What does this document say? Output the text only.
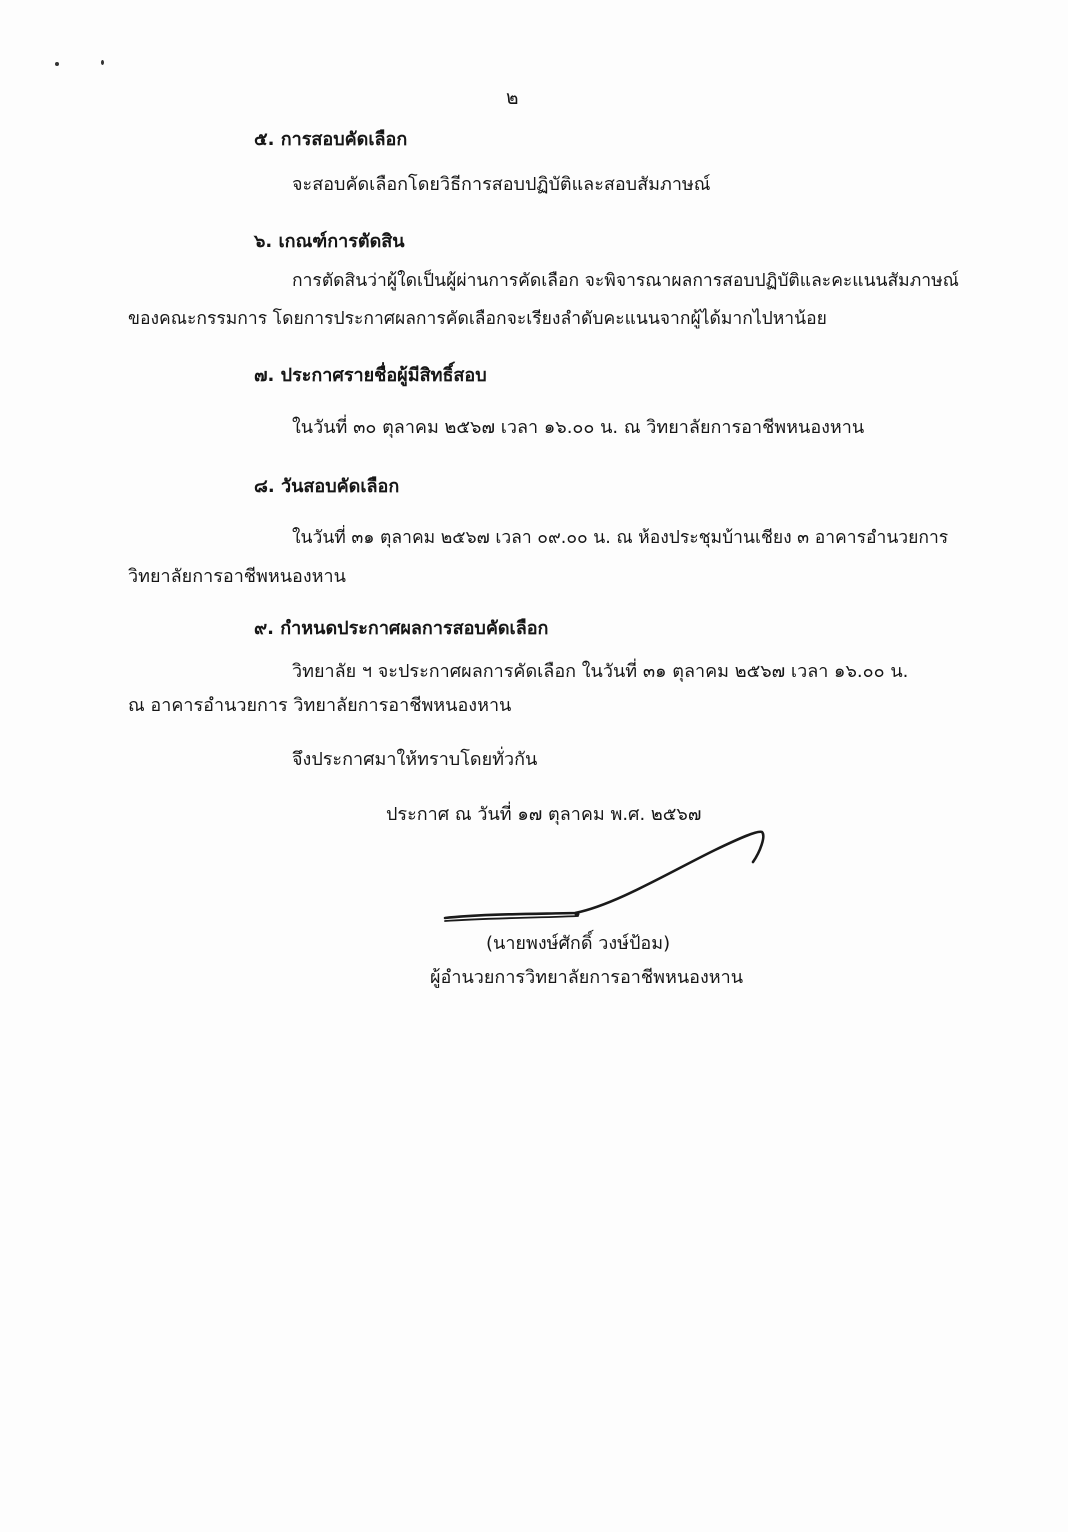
๒
๕. การสอบคัดเลือก
จะสอบคัดเลือกโดยวิธีการสอบปฏิบัติและสอบสัมภาษณ์
๖. เกณฑ์การตัดสิน
การตัดสินว่าผู้ใดเป็นผู้ผ่านการคัดเลือก จะพิจารณาผลการสอบปฏิบัติและคะแนนสัมภาษณ์
ของคณะกรรมการ โดยการประกาศผลการคัดเลือกจะเรียงลำดับคะแนนจากผู้ได้มากไปหาน้อย
๗. ประกาศรายชื่อผู้มีสิทธิ์สอบ
ในวันที่ ๓๐ ตุลาคม ๒๕๖๗ เวลา ๑๖.๐๐ น. ณ วิทยาลัยการอาชีพหนองหาน
๘. วันสอบคัดเลือก
ในวันที่ ๓๑ ตุลาคม ๒๕๖๗ เวลา ๐๙.๐๐ น. ณ ห้องประชุมบ้านเชียง ๓ อาคารอำนวยการ
วิทยาลัยการอาชีพหนองหาน
๙. กำหนดประกาศผลการสอบคัดเลือก
วิทยาลัย ฯ จะประกาศผลการคัดเลือก ในวันที่ ๓๑ ตุลาคม ๒๕๖๗ เวลา ๑๖.๐๐ น.
ณ อาคารอำนวยการ วิทยาลัยการอาชีพหนองหาน
จึงประกาศมาให้ทราบโดยทั่วกัน
ประกาศ ณ วันที่ ๑๗ ตุลาคม พ.ศ. ๒๕๖๗
(นายพงษ์ศักดิ์ วงษ์ป้อม)
ผู้อำนวยการวิทยาลัยการอาชีพหนองหาน
